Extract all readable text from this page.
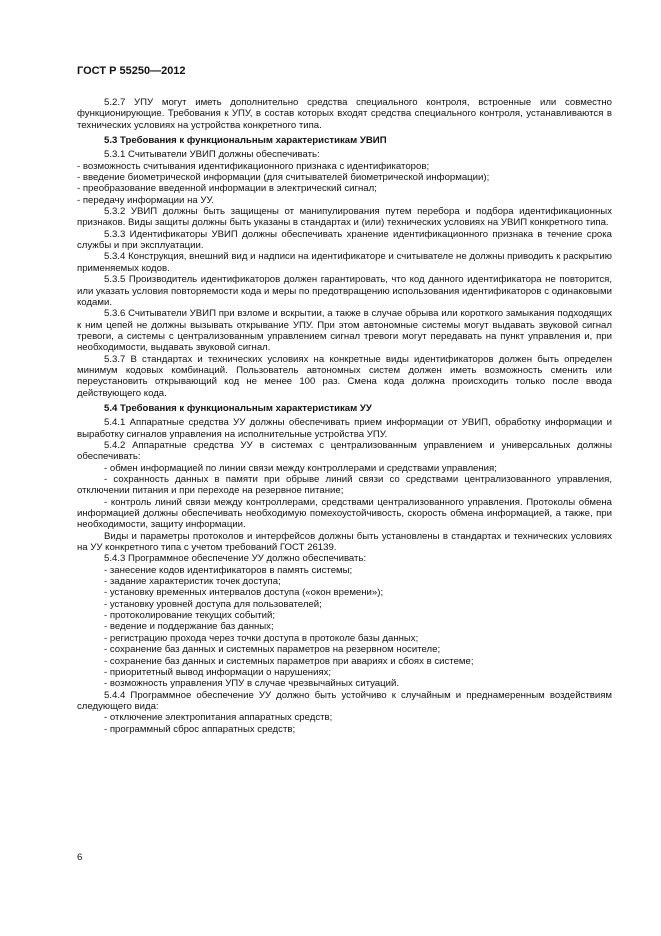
ГОСТ Р 55250—2012

5.2.7 УПУ могут иметь дополнительно средства специального контроля, встроенные или совместно функционирующие. Требования к УПУ, в состав которых входят средства специального контроля, устанавливаются в технических условиях на устройства конкретного типа.

5.3 Требования к функциональным характеристикам УВИП

5.3.1 Считыватели УВИП должны обеспечивать:

- возможность считывания идентификационного признака с идентификаторов;

- введение биометрической информации (для считывателей биометрической информации);

- преобразование введенной информации в электрический сигнал;

- передачу информации на УУ.

5.3.2 УВИП должны быть защищены от манипулирования путем перебора и подбора идентификационных признаков. Виды защиты должны быть указаны в стандартах и (или) технических условиях на УВИП конкретного типа.

5.3.3 Идентификаторы УВИП должны обеспечивать хранение идентификационного признака в течение срока службы и при эксплуатации.

5.3.4 Конструкция, внешний вид и надписи на идентификаторе и считывателе не должны приводить к раскрытию применяемых кодов.

5.3.5 Производитель идентификаторов должен гарантировать, что код данного идентификатора не повторится, или указать условия повторяемости кода и меры по предотвращению использования идентификаторов с одинаковыми кодами.

5.3.6 Считыватели УВИП при взломе и вскрытии, а также в случае обрыва или короткого замыкания подходящих к ним цепей не должны вызывать открывание УПУ. При этом автономные системы могут выдавать звуковой сигнал тревоги, а системы с централизованным управлением сигнал тревоги могут передавать на пункт управления и, при необходимости, выдавать звуковой сигнал.

5.3.7 В стандартах и технических условиях на конкретные виды идентификаторов должен быть определен минимум кодовых комбинаций. Пользователь автономных систем должен иметь возможность сменить или переустановить открывающий код не менее 100 раз. Смена кода должна происходить только после ввода действующего кода.

5.4 Требования к функциональным характеристикам УУ

5.4.1 Аппаратные средства УУ должны обеспечивать прием информации от УВИП, обработку информации и выработку сигналов управления на исполнительные устройства УПУ.

5.4.2 Аппаратные средства УУ в системах с централизованным управлением и универсальных должны обеспечивать:

- обмен информацией по линии связи между контроллерами и средствами управления;

- сохранность данных в памяти при обрыве линий связи со средствами централизованного управления, отключении питания и при переходе на резервное питание;

- контроль линий связи между контроллерами, средствами централизованного управления. Протоколы обмена информацией должны обеспечивать необходимую помехоустойчивость, скорость обмена информацией, а также, при необходимости, защиту информации.

Виды и параметры протоколов и интерфейсов должны быть установлены в стандартах и технических условиях на УУ конкретного типа с учетом требований ГОСТ 26139.

5.4.3 Программное обеспечение УУ должно обеспечивать:

- занесение кодов идентификаторов в память системы;

- задание характеристик точек доступа;

- установку временных интервалов доступа («окон времени»);

- установку уровней доступа для пользователей;

- протоколирование текущих событий;

- ведение и поддержание баз данных;

- регистрацию прохода через точки доступа в протоколе базы данных;

- сохранение баз данных и системных параметров на резервном носителе;

- сохранение баз данных и системных параметров при авариях и сбоях в системе;

- приоритетный вывод информации о нарушениях;

- возможность управления УПУ в случае чрезвычайных ситуаций.

5.4.4 Программное обеспечение УУ должно быть устойчиво к случайным и преднамеренным воздействиям следующего вида:

- отключение электропитания аппаратных средств;

- программный сброс аппаратных средств;

6
